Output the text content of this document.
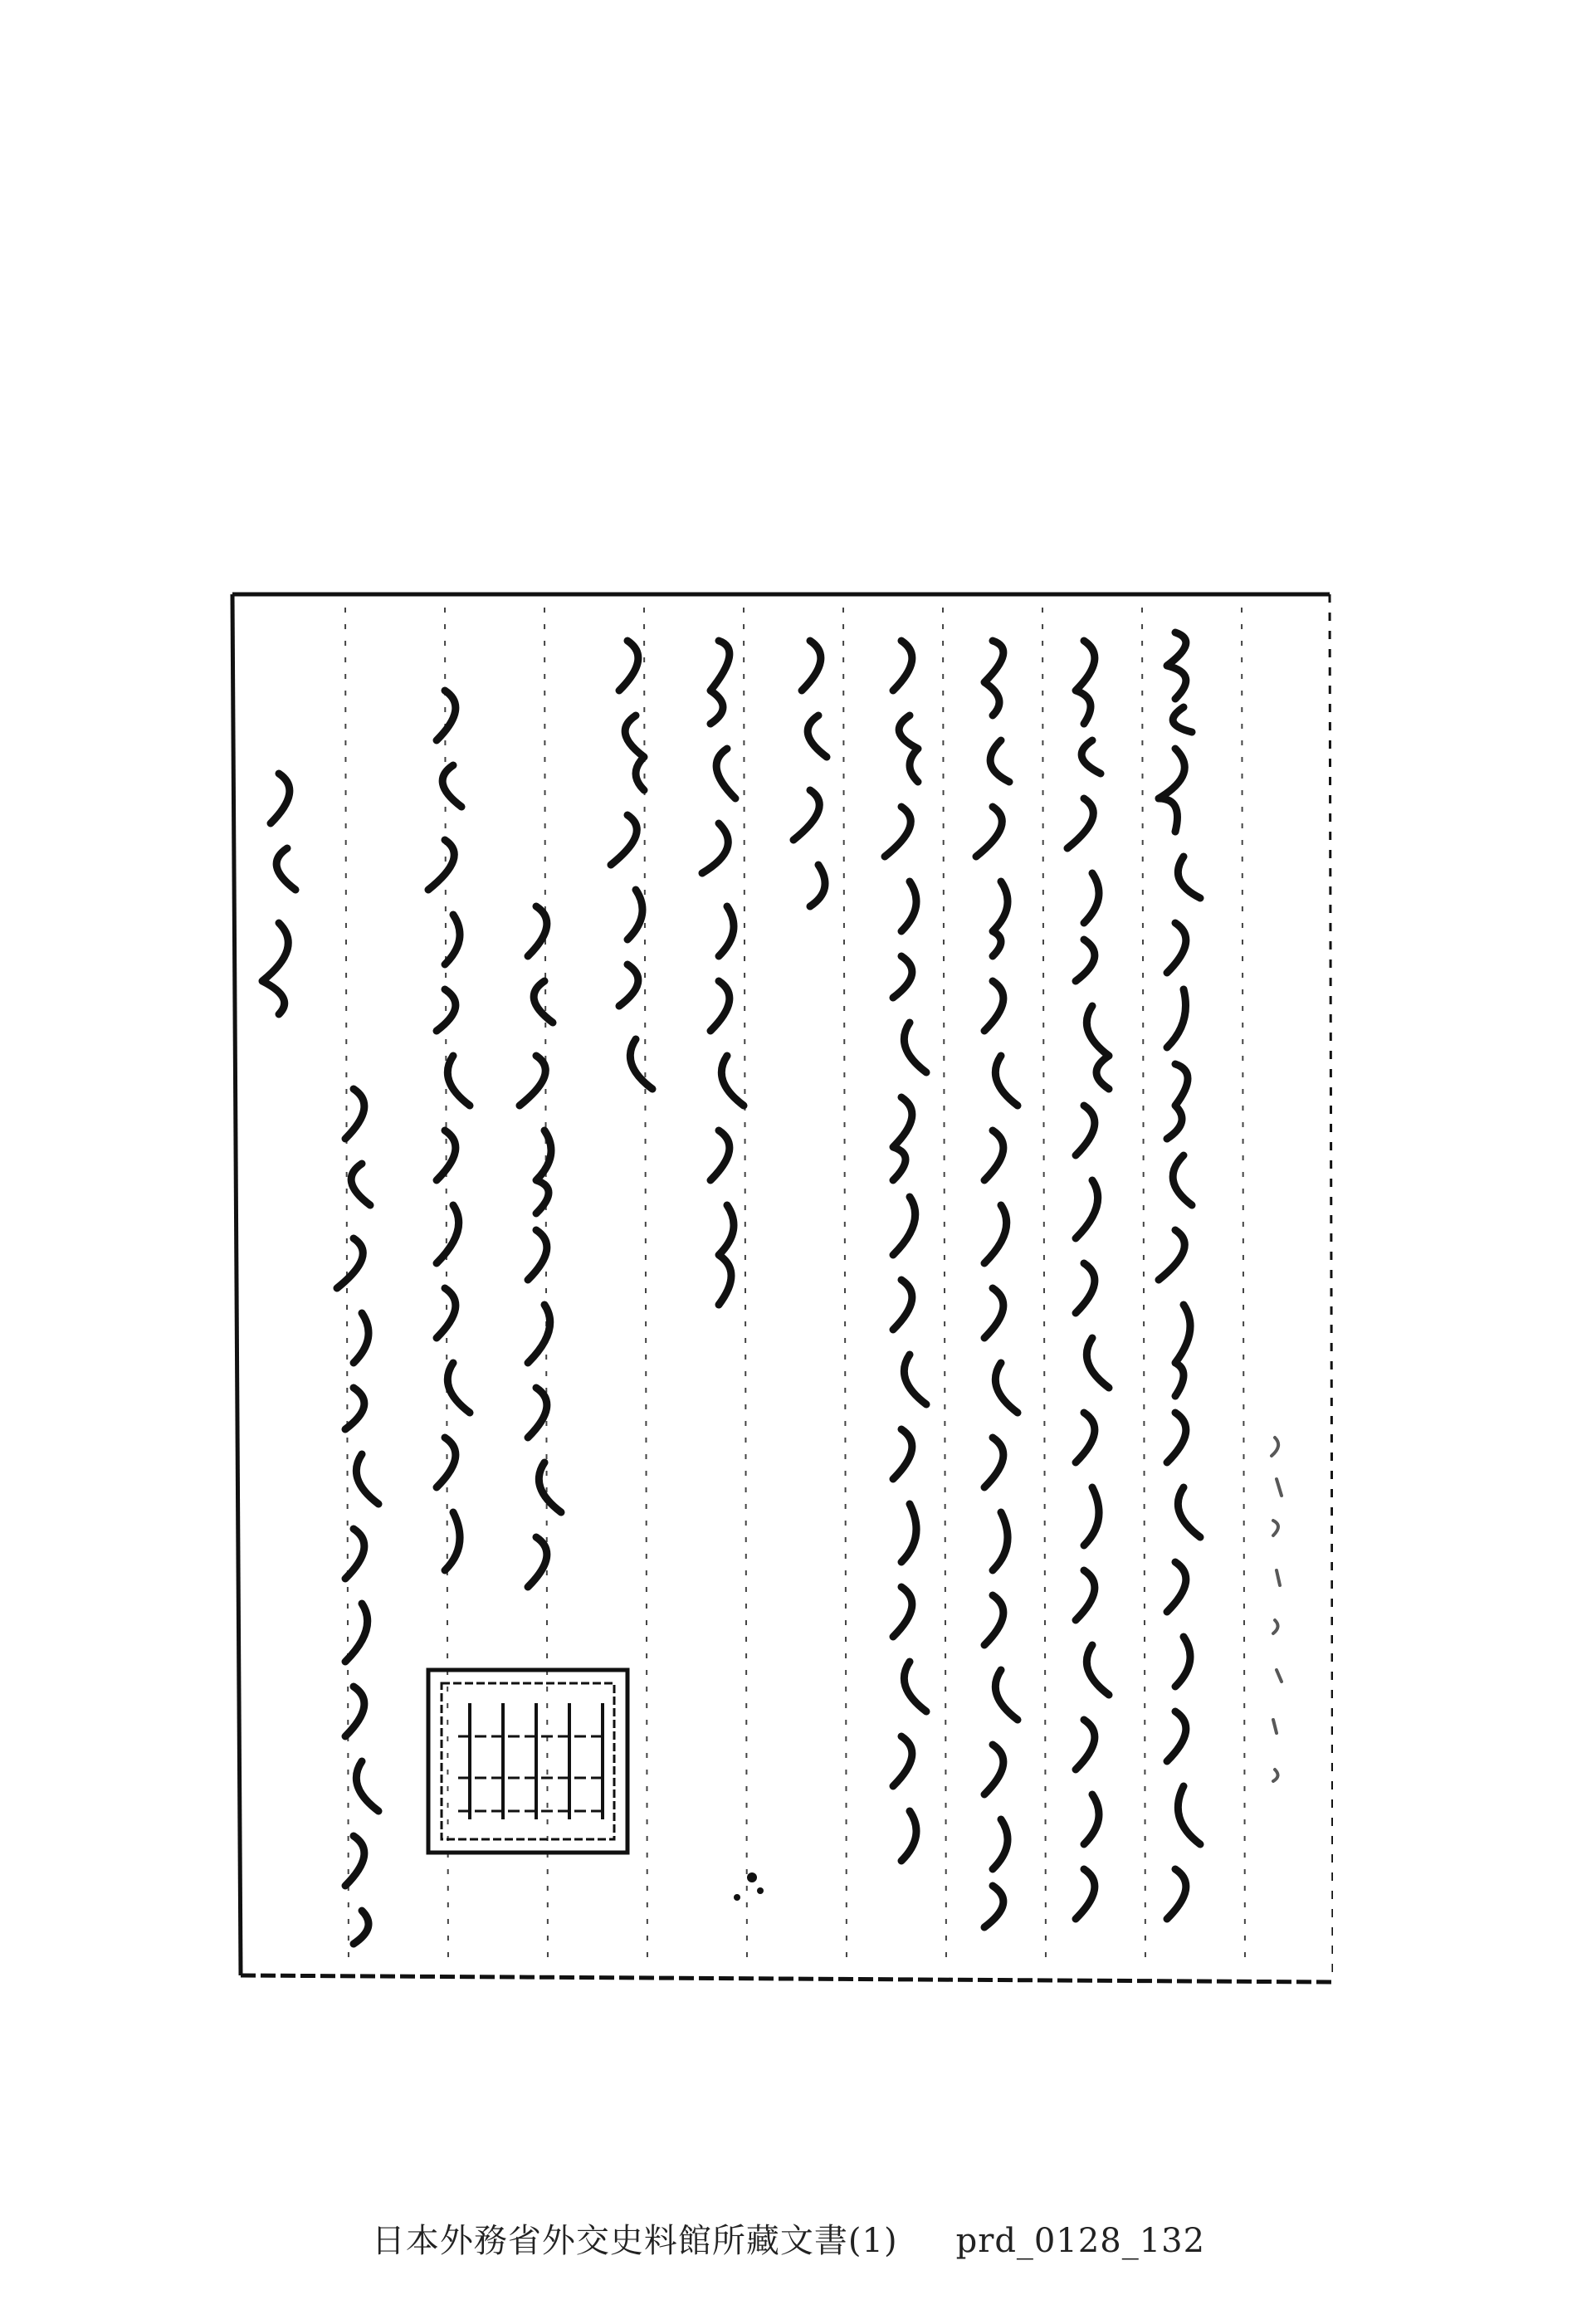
日本外務省外交史料館所藏文書(1) prd_0128_132
